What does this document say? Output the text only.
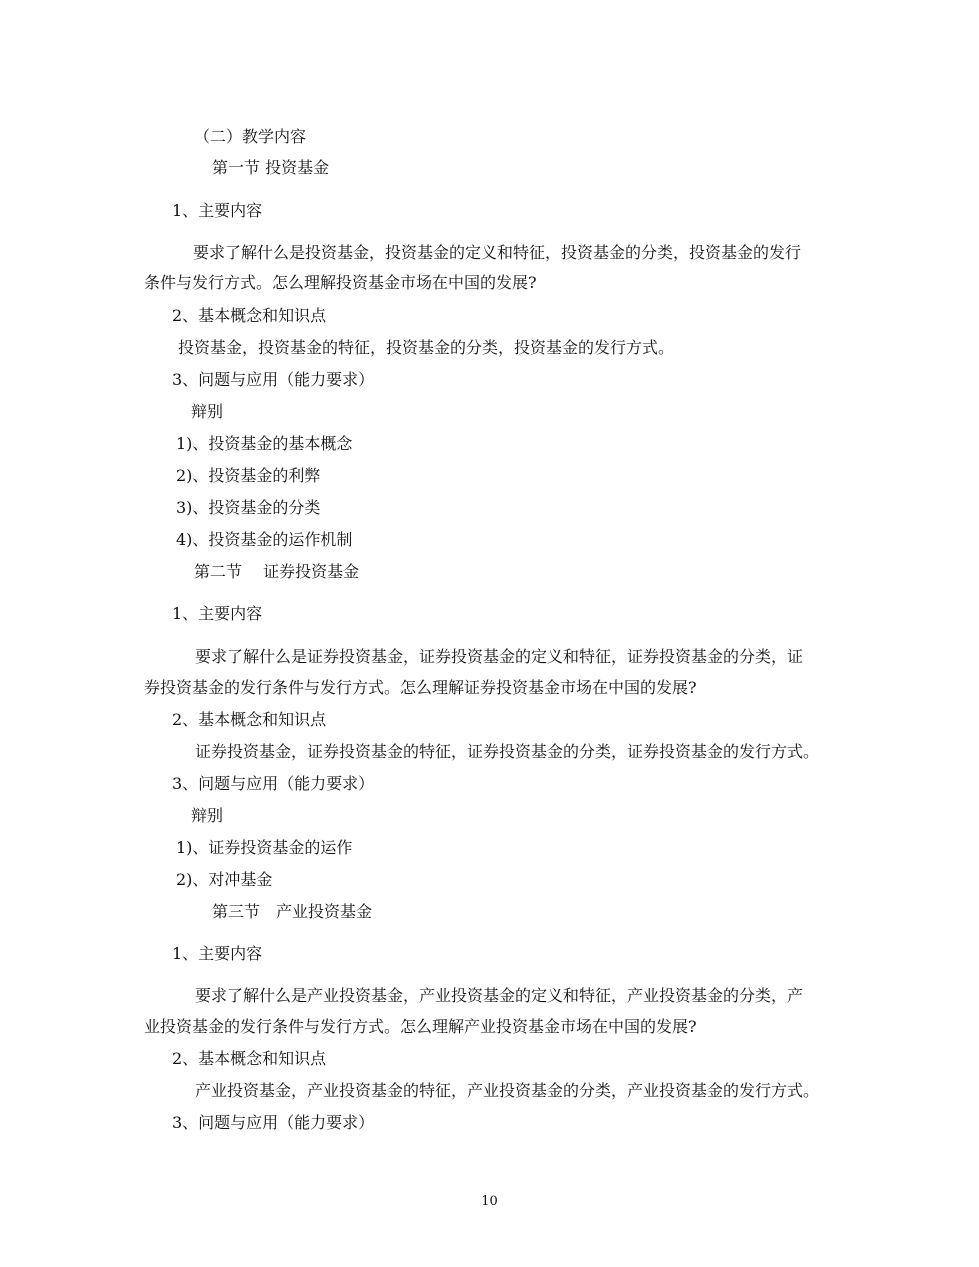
（二）教学内容

第一节 投资基金

1、主要内容

要求了解什么是投资基金，投资基金的定义和特征，投资基金的分类，投资基金的发行

条件与发行方式。怎么理解投资基金市场在中国的发展?

2、基本概念和知识点

投资基金，投资基金的特征，投资基金的分类，投资基金的发行方式。

3、问题与应用（能力要求）

辩别

1)、投资基金的基本概念

2)、投资基金的利弊

3)、投资基金的分类

4)、投资基金的运作机制

第二节　 证券投资基金

1、主要内容

要求了解什么是证券投资基金，证券投资基金的定义和特征，证券投资基金的分类，证

券投资基金的发行条件与发行方式。怎么理解证券投资基金市场在中国的发展?

2、基本概念和知识点

证券投资基金，证券投资基金的特征，证券投资基金的分类，证券投资基金的发行方式。

3、问题与应用（能力要求）

辩别

1)、证券投资基金的运作

2)、对冲基金

第三节　产业投资基金

1、主要内容

要求了解什么是产业投资基金，产业投资基金的定义和特征，产业投资基金的分类，产

业投资基金的发行条件与发行方式。怎么理解产业投资基金市场在中国的发展?

2、基本概念和知识点

产业投资基金，产业投资基金的特征，产业投资基金的分类，产业投资基金的发行方式。

3、问题与应用（能力要求）

10
